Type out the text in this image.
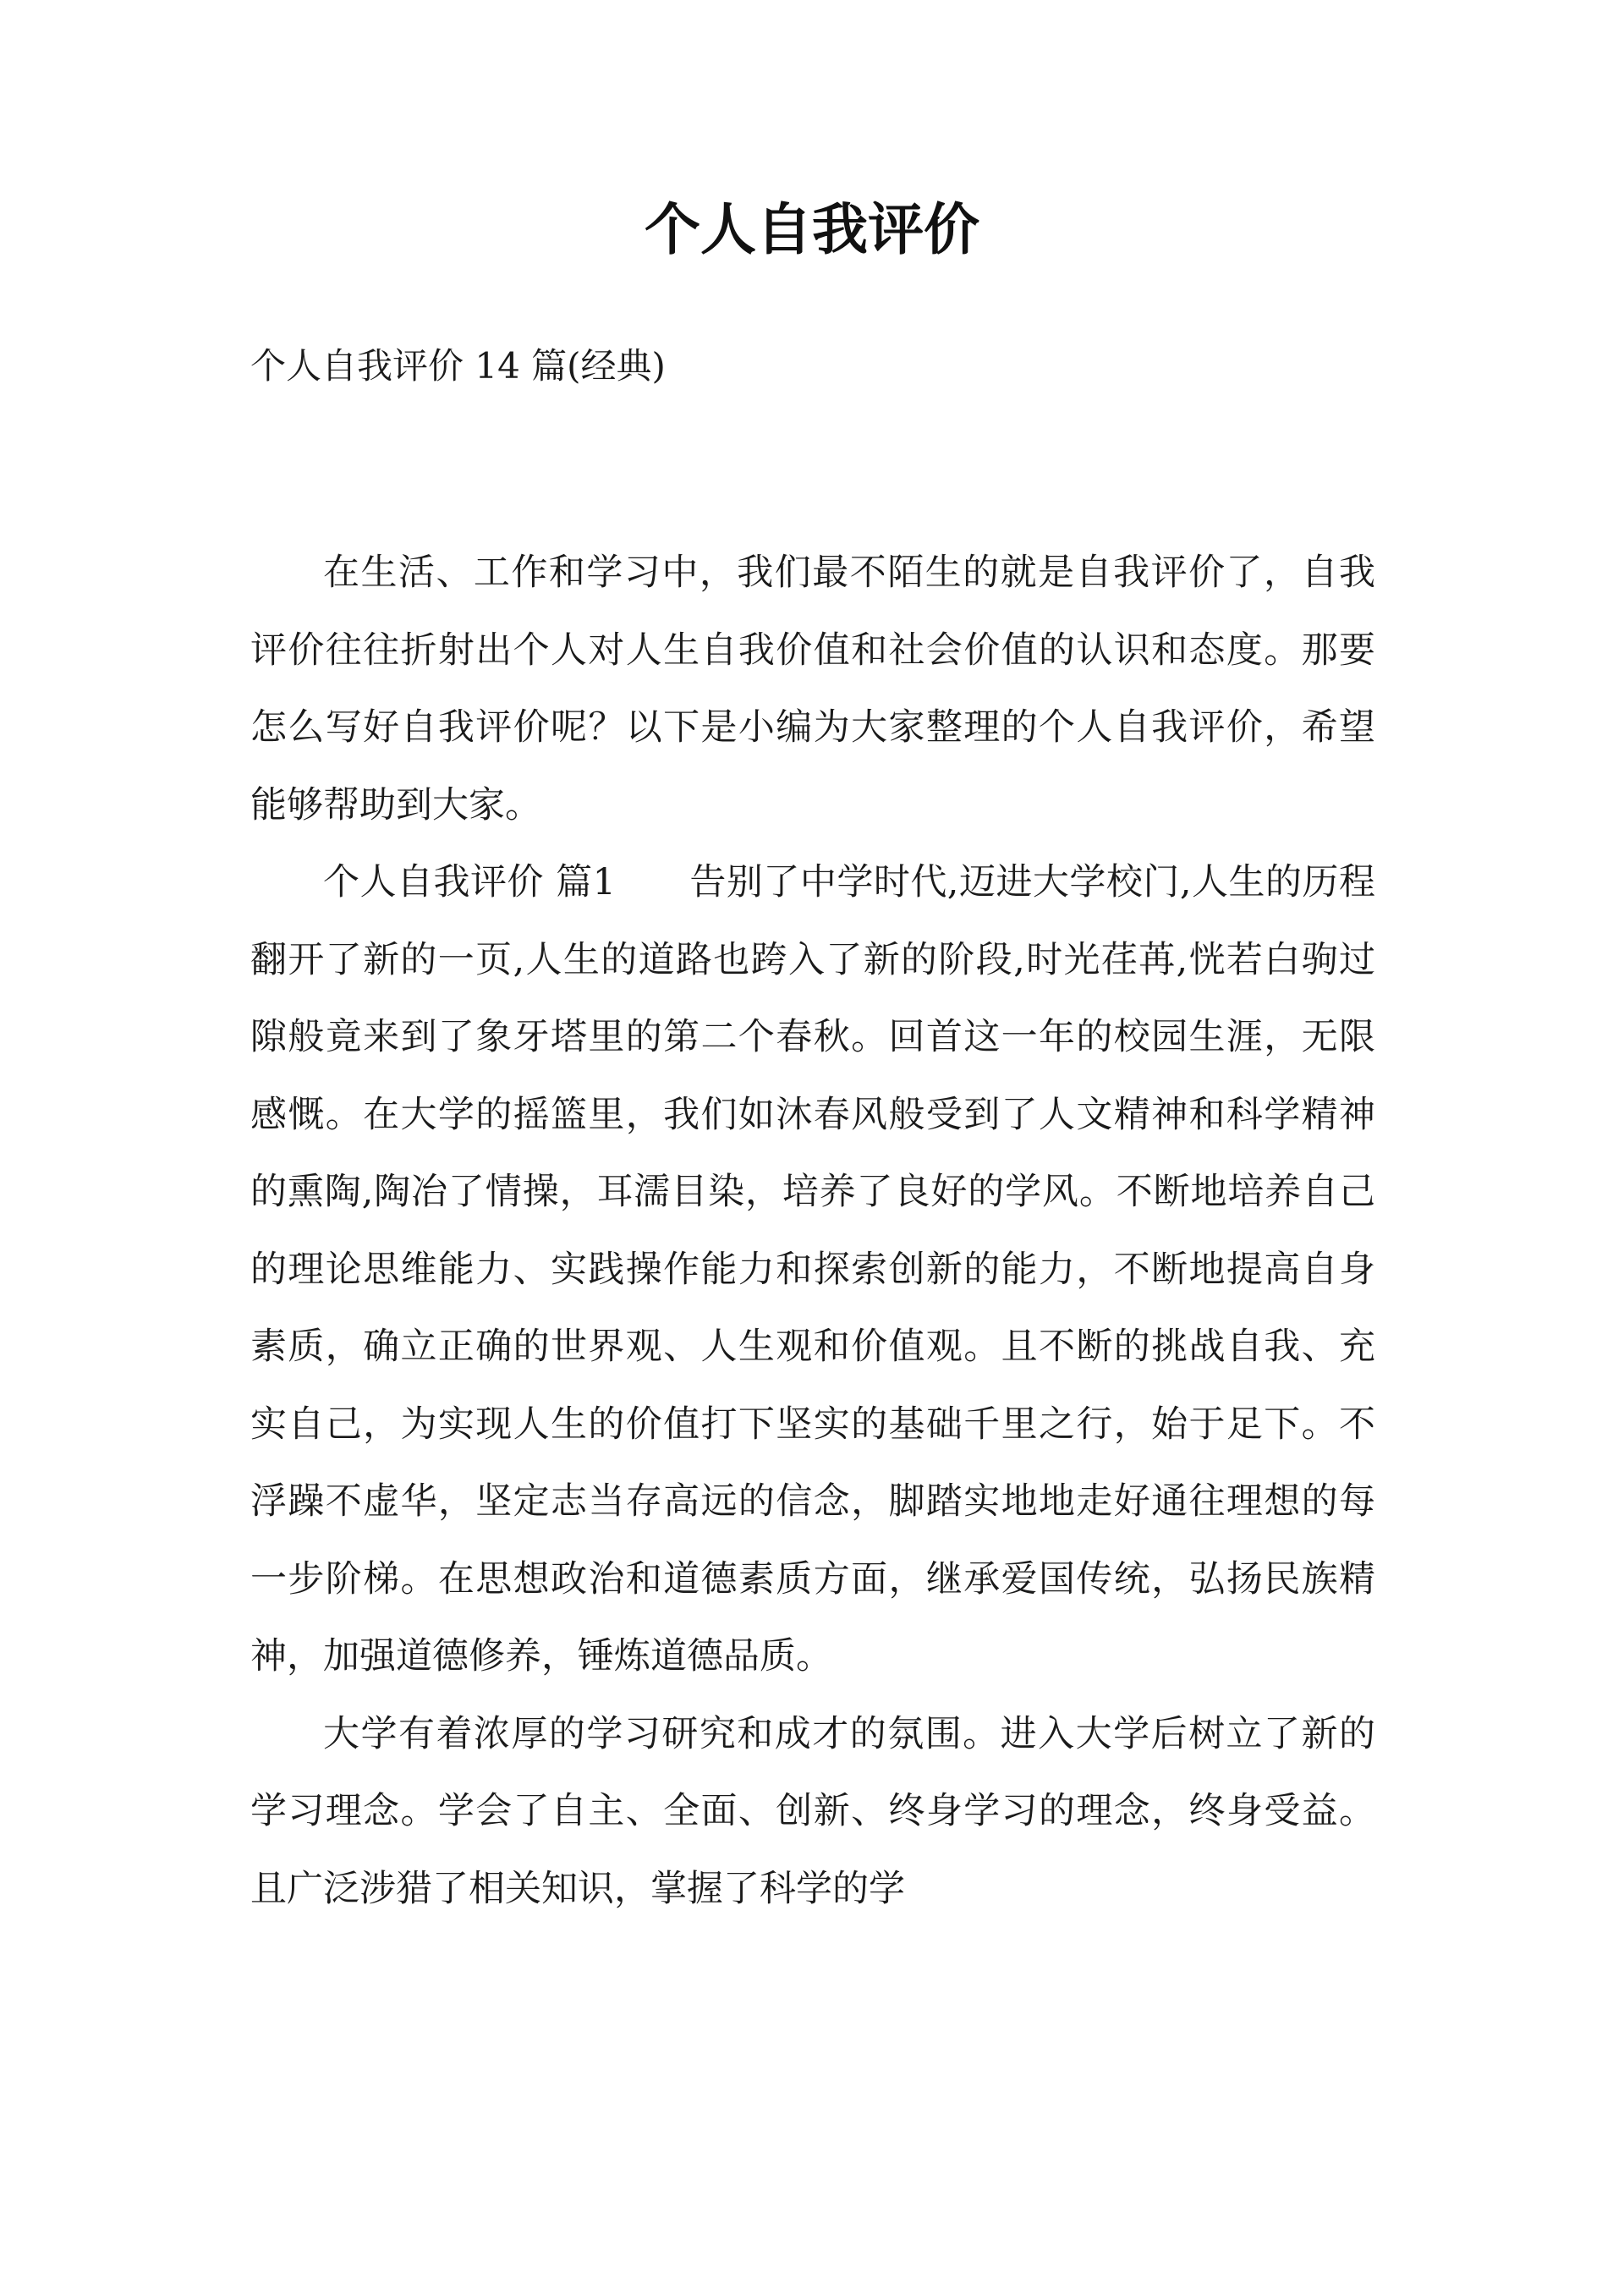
个人自我评价
个人自我评价 14 篇(经典)

在生活、工作和学习中，我们最不陌生的就是自我评价了，自我评价往往折射出个人对人生自我价值和社会价值的认识和态度。那要怎么写好自我评价呢？以下是小编为大家整理的个人自我评价，希望能够帮助到大家。

个人自我评价 篇1　　告别了中学时代,迈进大学校门,人生的历程翻开了新的一页,人生的道路也跨入了新的阶段,时光荏苒,恍若白驹过隙般竟来到了象牙塔里的第二个春秋。回首这一年的校园生涯，无限感慨。在大学的摇篮里，我们如沐春风般受到了人文精神和科学精神的熏陶,陶冶了情操，耳濡目染，培养了良好的学风。不断地培养自己的理论思维能力、实践操作能力和探索创新的能力，不断地提高自身素质，确立正确的世界观、人生观和价值观。且不断的挑战自我、充实自己，为实现人生的价值打下坚实的基础千里之行，始于足下。不浮躁不虚华，坚定志当存高远的信念，脚踏实地地走好通往理想的每一步阶梯。在思想政治和道德素质方面，继承爱国传统，弘扬民族精神，加强道德修养，锤炼道德品质。

大学有着浓厚的学习研究和成才的氛围。进入大学后树立了新的学习理念。学会了自主、全面、创新、终身学习的理念，终身受益。且广泛涉猎了相关知识，掌握了科学的学
